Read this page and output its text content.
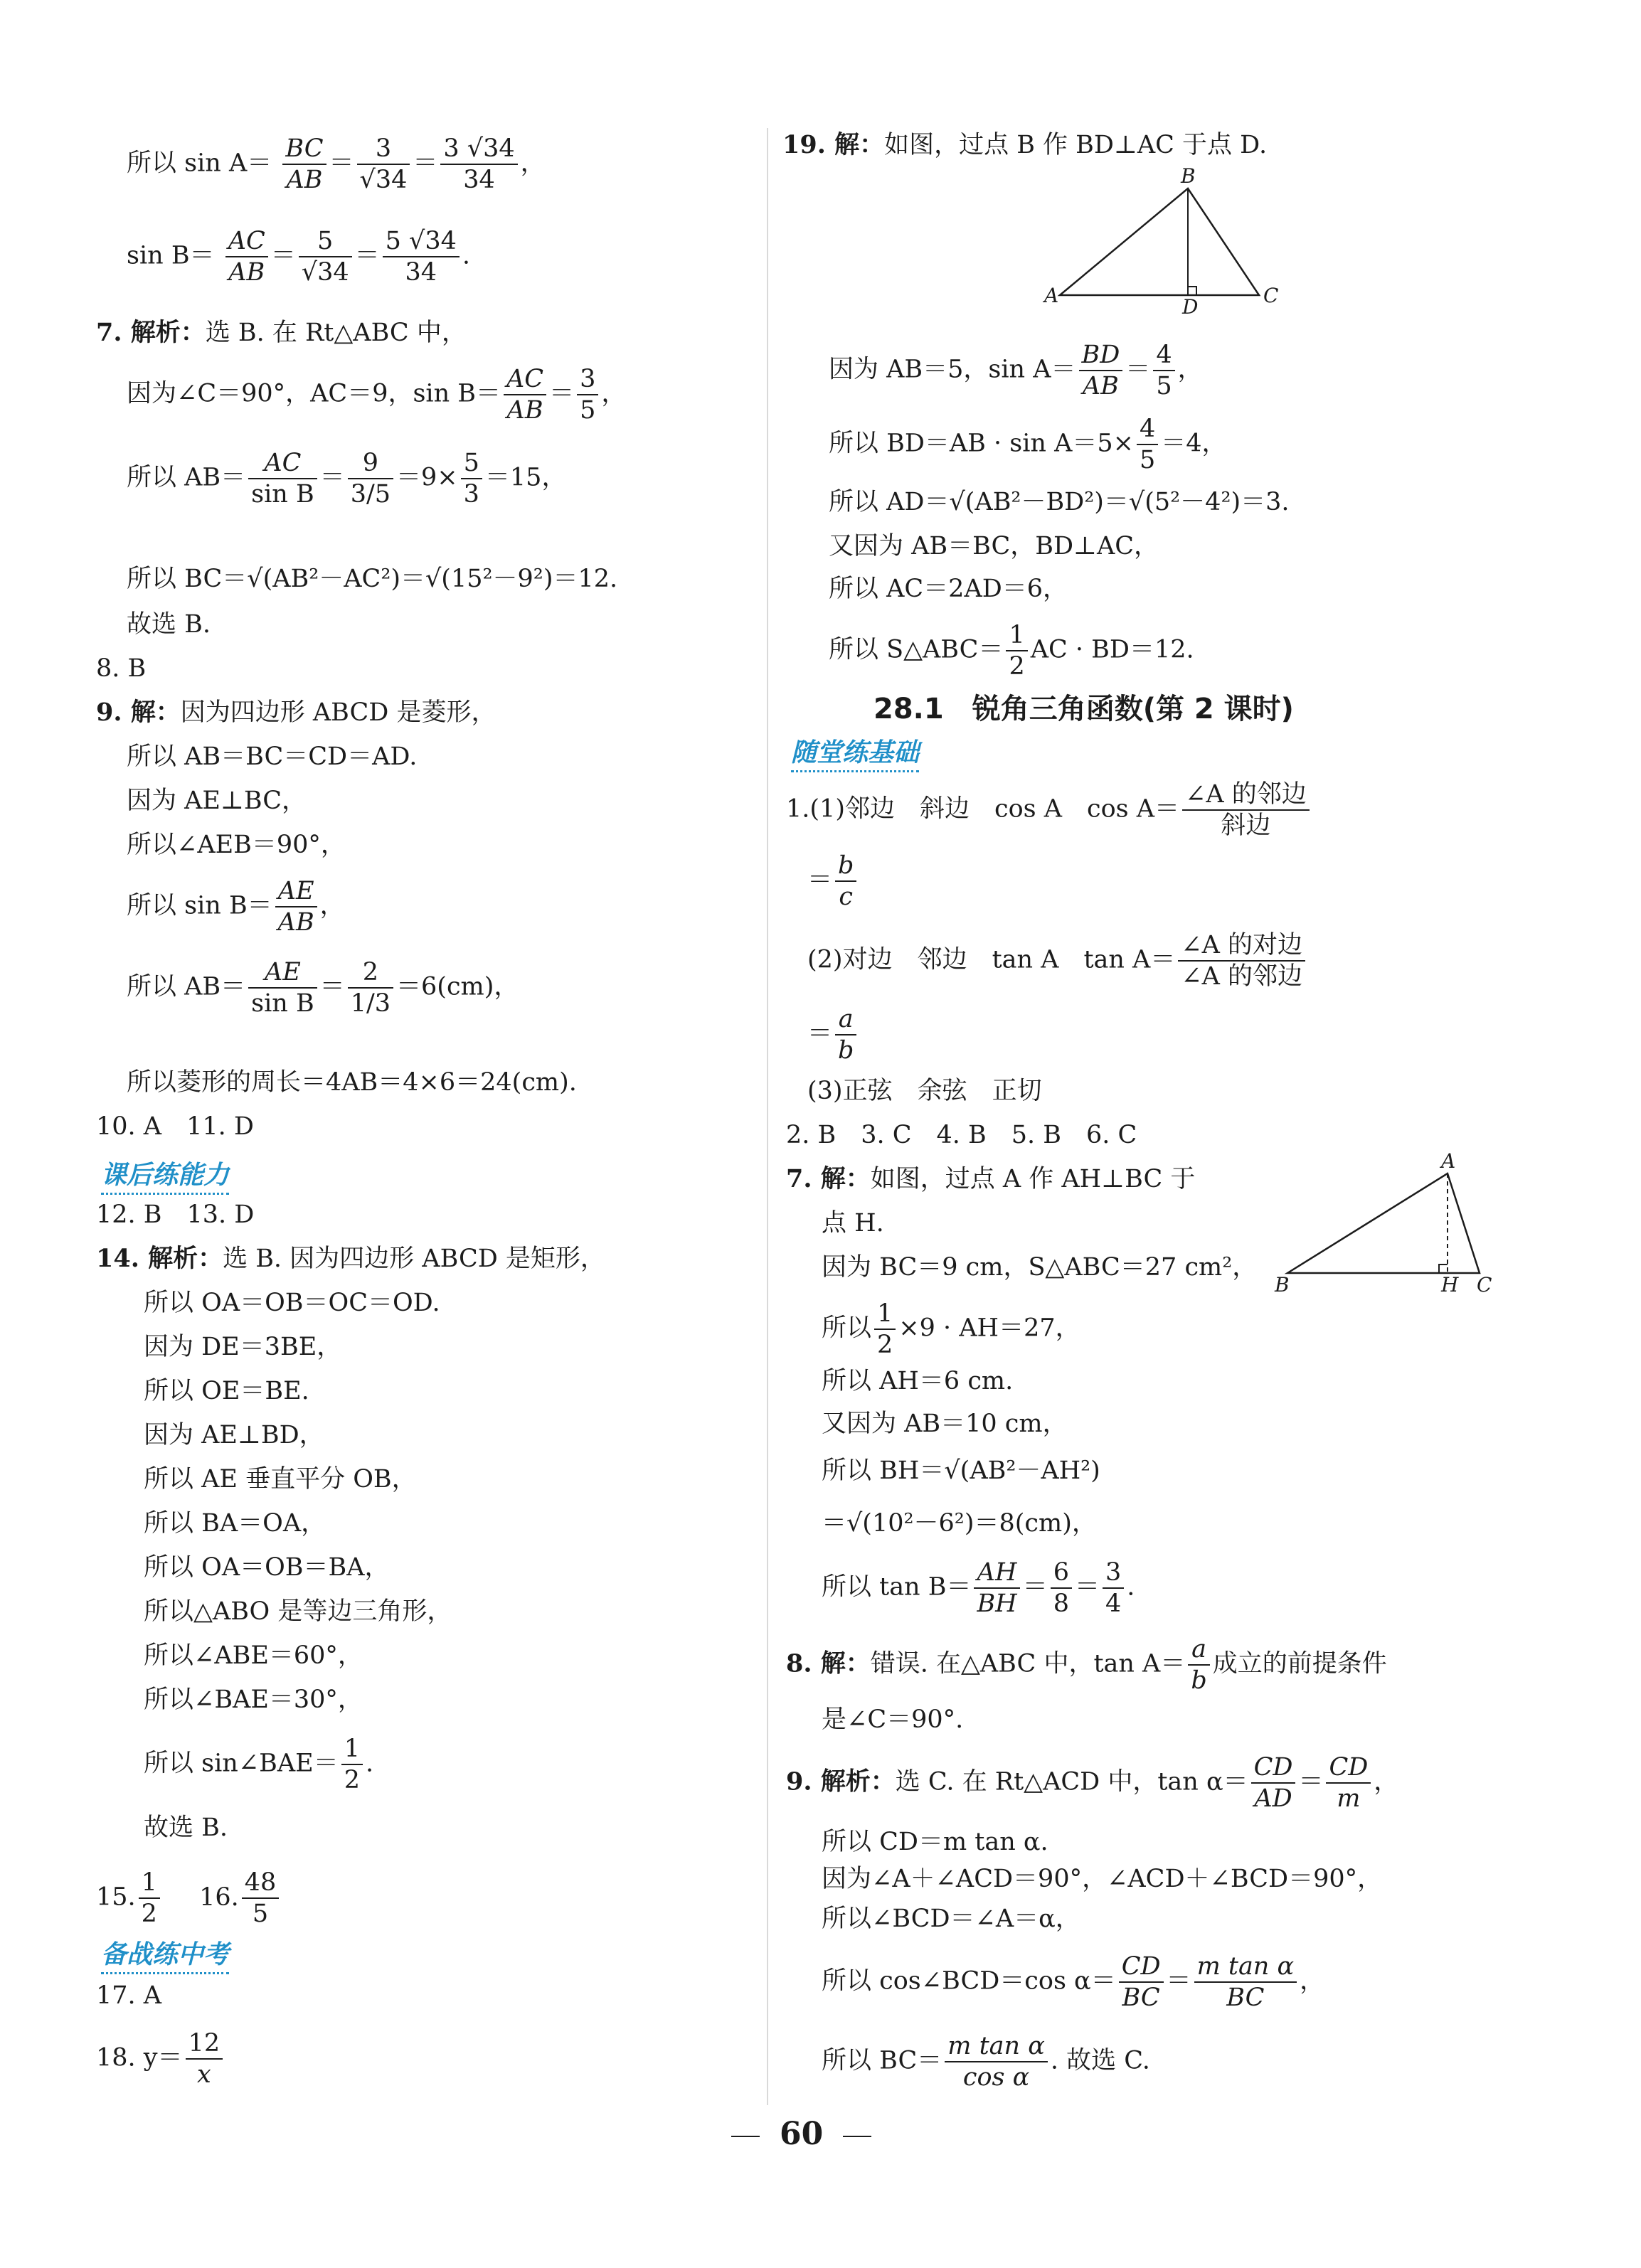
所以 $\sin A= \frac{BC}{AB} = \frac{3}{√34} = \frac{3 √34}{34}$ ，
$\sin B= \frac{AC}{AB} = \frac{5}{√34} = \frac{5 √34}{34}$ .
7. 解析：选 B. 在 Rt△ABC 中，
因为∠C＝90°，AC＝9，$\sin B= \frac{AC}{AB} = \frac{3}{5}$ ，
所以 $AB= \frac{AC}{\text{sin B}} = \frac{9}{3/5} =9\times \frac{5}{3} =15$，
所以 BC＝√(AB²－AC²)＝√(15²－9²)＝12.
故选 B.
8. B
9. 解：因为四边形 ABCD 是菱形，
所以 AB＝BC＝CD＝AD.
因为 AE⊥BC，
所以∠AEB＝90°，
所以 $\sin B= \frac{AE}{AB}$ ，
所以 $AB= \frac{AE}{\text{sin B}} = \frac{2}{1/3} =6(cm)$，
所以菱形的周长＝4AB＝4×6＝24(cm).
10. A　11. D
课后练能力
12. B　13. D
14. 解析：选 B. 因为四边形 ABCD 是矩形，
所以 OA＝OB＝OC＝OD.
因为 DE＝3BE，
所以 OE＝BE.
因为 AE⊥BD，
所以 AE 垂直平分 OB，
所以 BA＝OA，
所以 OA＝OB＝BA，
所以△ABO 是等边三角形，
所以∠ABE＝60°，
所以∠BAE＝30°，
所以 sin∠BAE＝ $\frac{1}{2}$ .
故选 B.
15. $\frac{1}{2} 16$. $\frac{48}{5}$
备战练中考
17. A
18. $y= \frac{12}{x}$
19. 解：如图，过点 B 作 BD⊥AC 于点 D.
B
A	C
D
因为 AB＝5，$\sin A= \frac{BD}{AB} = \frac{4}{5}$ ，
所以 $BD=AB \cdot \sin A=5\times \frac{4}{5} =4$，
所以 AD＝√(AB²－BD²)＝√(5²－4²)＝3.
又因为 AB＝BC，BD⊥AC，
所以 AC＝2AD＝6，
所以 S△ABC＝ $\frac{1}{2}$ AC · BD＝12.
28.1　锐角三角函数(第 2 课时)
随堂练基础
1.(1)邻边　斜边　cos A　$\cos A= \frac{\text{∠A 的邻边}}{\text{斜边}}$
＝ $\frac{b}{c}$
(2)对边　邻边　tan A　$\tan A= \frac{\text{∠A 的对边}}{\text{∠A 的邻边}}$
＝ $\frac{a}{b}$
(3)正弦　余弦　正切
2. B　3. C　4. B　5. B　6. C
7. 解：如图，过点 A 作 AH⊥BC 于
点 H.
A
B	H C
因为 BC＝9 cm，S△ABC＝27 cm²，
所以 $\frac{1}{2} \times 9 \cdot AH=27$，
所以 AH＝6 cm.
又因为 AB＝10 cm，
所以 BH＝√(AB²－AH²)
＝√(10²－6²)＝8(cm)，
所以 $\tan B= \frac{AH}{BH} = \frac{6}{8} = \frac{3}{4}$ .
8. 解：错误. 在△ABC 中，$\tan A= \frac{a}{b}$ 成立的前提条件
是∠C＝90°.
9. 解析：选 C. 在 Rt△ACD 中，$\tan \alpha= \frac{CD}{AD} = \frac{CD}{m}$ ，
所以 CD＝m tan α.
因为∠A＋∠ACD＝90°，∠ACD＋∠BCD＝90°，
所以∠BCD＝∠A＝α，
所以 cos∠BCD＝cos $\alpha= \frac{CD}{BC} = \frac{\text{m tan α}}{BC}$ ，
所以 $BC= \frac{\text{m tan α}}{\text{cos α}}$ . 故选 C.
60
